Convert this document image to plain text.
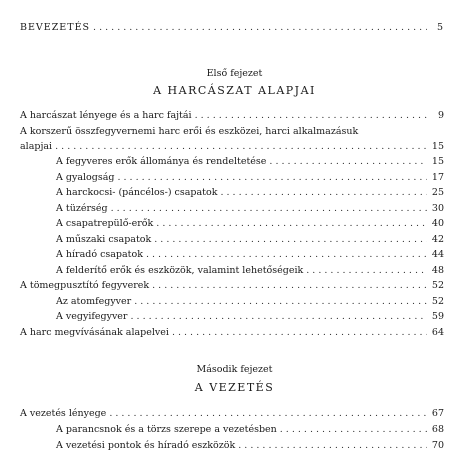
BEVEZETÉS . . .	5
Első fejezet
A HARCÁSZAT ALAPJAI
A harcászat lényege és a harc fajtái . . .	9
A korszerű összfegyvernemi harc erői és eszközei, harci alkalmazásuk
alapjai . . .	15
A fegyveres erők állománya és rendeltetése . . .	15
A gyalogság . . .	17
A harckocsi- (páncélos-) csapatok . . .	25
A tüzérség . . .	30
A csapatrepülő-erők . . .	40
A műszaki csapatok . . .	42
A híradó csapatok . . .	44
A felderítő erők és eszközök, valamint lehetőségeik . . .	48
A tömegpusztító fegyverek . . .	52
Az atomfegyver . . .	52
A vegyifegyver . . .	59
A harc megvívásának alapelvei . . .	64
Második fejezet
A VEZETÉS
A vezetés lényege . . .	67
A parancsnok és a törzs szerepe a vezetésben . . .	68
A vezetési pontok és híradó eszközök . . .	70
